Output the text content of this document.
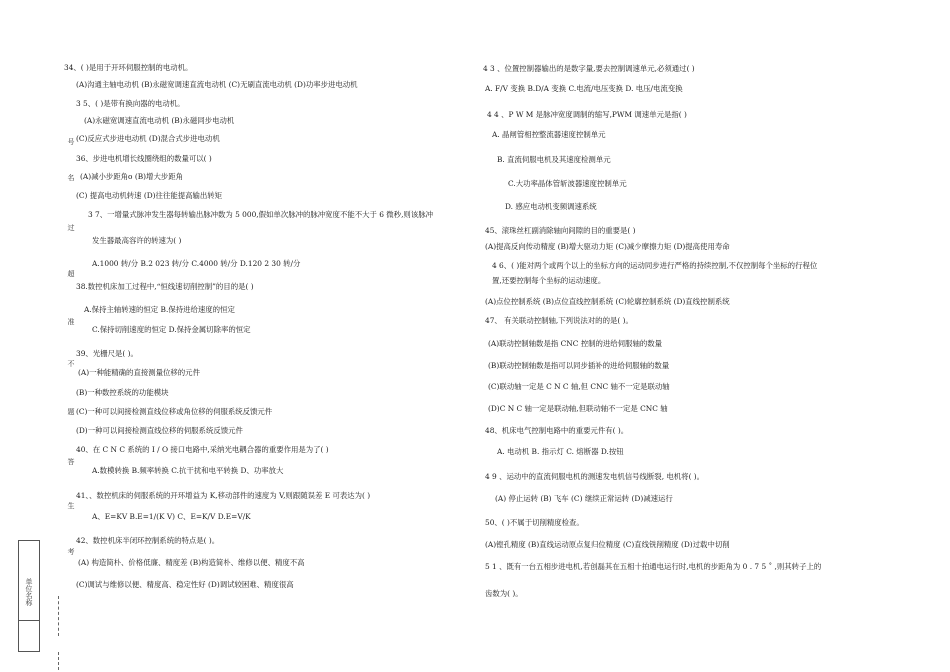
单位名称
号
名
过
超
准
不
题
答
生
考
34、( )是用于开环伺服控制的电动机。
(A)沟通主轴电动机 (B)永磁宽调速直流电动机 (C)无刷直流电动机 (D)功率步进电动机
3 5、( )是带有换向器的电动机。
(A)永磁宽调速直流电动机 (B)永磁同步电动机
(C)反应式步进电动机 (D)混合式步进电动机
36、步进电机增长线圈绕组的数量可以( )
(A)减小步距角o (B)增大步距角
(C) 提高电动机转速 (D)往往能提高输出转矩
3 7、一增量式脉冲发生器每转输出脉冲数为 5 000,假如单次脉冲的脉冲宽度不能不大于 6 微秒,则该脉冲
发生器最高容许的转速为( )
A.1000 转/分 B.2 023 转/分 C.4000 转/分 D.120 2 30 转/分
38.数控机床加工过程中,“恒线速切削控制”的目的是( )
A.保持主轴转速的恒定 B.保持进给速度的恒定
C.保持切削速度的恒定 D.保持金属切除率的恒定
39、光栅尺是( )。
(A)一种能精确的直接测量位移的元件
(B)一种数控系统的功能模块
(C)一种可以间接检测直线位移或角位移的伺服系统反馈元件
(D)一种可以间接检测直线位移的伺服系统反馈元件
40、在 C N C 系统的 I / O 接口电路中,采纳光电耦合器的重要作用是为了( )
A.数模转换 B.频率转换 C.抗干扰和电平转换 D、功率放大
41、、数控机床的伺服系统的开环增益为 K,移动部件的速度为 V,则跟随误差 E 可表达为( )
A、E=KV B.E=1/(K V) C、E=K/V D.E=V/K
42、数控机床半闭环控制系统的特点是( )。
(A) 构造简朴、价格低廉、精度差 (B)构造简朴、维修以便、精度不高
(C)调试与维修以便、精度高、稳定性好 (D)调试较困难、精度很高
4 3 、位置控制器输出的是数字量,要去控制调速单元,必须通过( )
A. F/V 变换 B.D/A 变换 C.电流/电压变换 D. 电压/电流变换
4 4 、P W M 是脉冲宽度调制的缩写,PWM 调速单元是指( )
A. 晶闸管相控整流器速度控制单元
B. 直流伺服电机及其速度检测单元
C.大功率晶体管斩波器速度控制单元
D. 感应电动机变频调速系统
45、滚珠丝杠副消除轴向间隙的目的重要是( )
(A)提高反向传动精度 (B)增大驱动力矩 (C)减少摩擦力矩 (D)提高使用寿命
4 6、( )能对两个或两个以上的坐标方向的运动同步进行严格的持续控制,不仅控制每个坐标的行程位
置,还要控制每个坐标的运动速度。
(A)点位控制系统 (B)点位直线控制系统 (C)轮廓控制系统 (D)直线控制系统
47、 有关联动控制轴,下列说法对的的是( )。
(A)联动控制轴数是指 CNC 控制的进给伺服轴的数量
(B)联动控制轴数是指可以同步插补的进给伺服轴的数量
(C)联动轴一定是 C N C 轴,但 CNC 轴不一定是联动轴
(D)C N C 轴一定是联动轴,但联动轴不一定是 CNC 轴
48、机床电气控制电路中的重要元件有( )。
A. 电动机 B. 指示灯 C. 熔断器 D.按钮
4 9 、运动中的直流伺服电机的测速发电机信号线断裂, 电机将( )。
(A) 停止运转 (B) 飞车 (C) 继续正常运转 (D)减速运行
50、( )不属于切削精度检查。
(A)镗孔精度 (B)直线运动原点复归位精度 (C)直线铣削精度 (D)过载中切削
5 1 、既有一台五相步进电机,若创磊其在五相十拍通电运行时,电机的步距角为 0 . 7 5 ˚ ,则其转子上的
齿数为( )。
